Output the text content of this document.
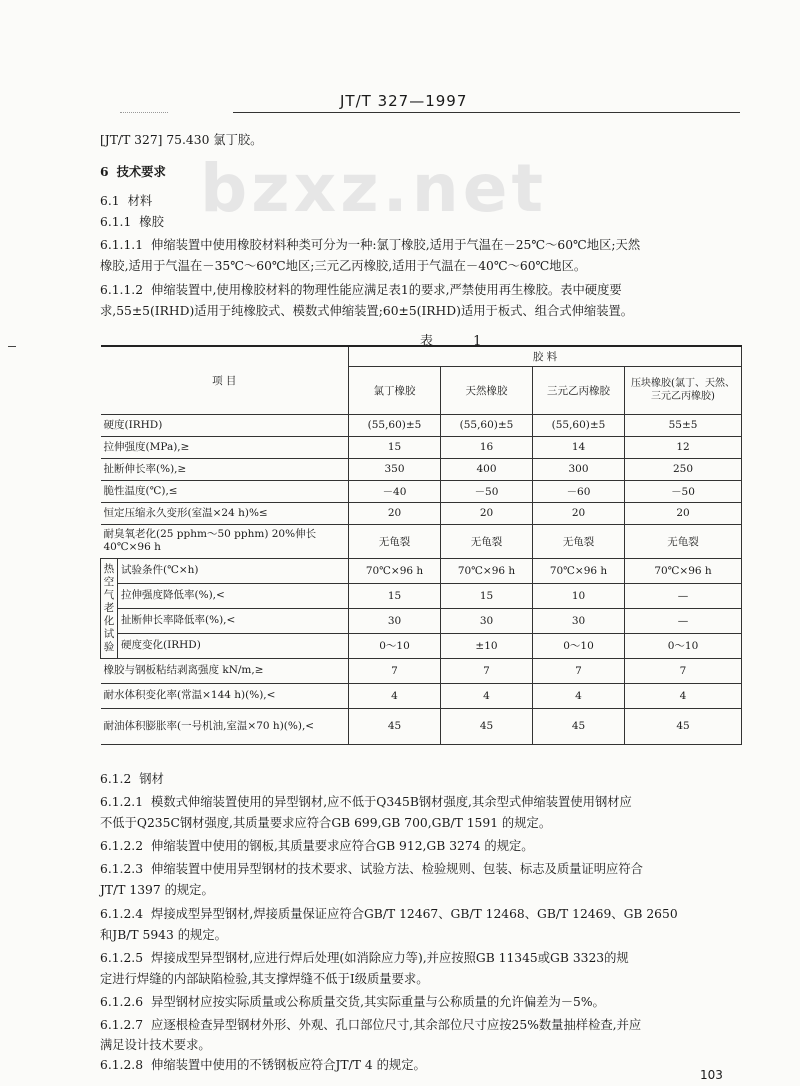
JT/T 327—1997
bzxz.net
[JT/T 327] 75.430 氯丁胶。
6 技术要求
6.1 材料
6.1.1 橡胶
6.1.1.1 伸缩装置中使用橡胶材料种类可分为一种:氯丁橡胶,适用于气温在－25℃～60℃地区;天然
橡胶,适用于气温在－35℃～60℃地区;三元乙丙橡胶,适用于气温在－40℃～60℃地区。
6.1.1.2 伸缩装置中,使用橡胶材料的物理性能应满足表1的要求,严禁使用再生橡胶。表中硬度要
求,55±5(IRHD)适用于纯橡胶式、模数式伸缩装置;60±5(IRHD)适用于板式、组合式伸缩装置。
表 1
项 目		胶 料			
		氯丁橡胶	天然橡胶	三元乙丙橡胶	压块橡胶(氯丁、天然、三元乙丙橡胶)
硬度(IRHD)		(55,60)±5	(55,60)±5	(55,60)±5	55±5
拉伸强度(MPa),≥		15	16	14	12
扯断伸长率(%),≥		350	400	300	250
脆性温度(℃),≤		－40	－50	－60	－50
恒定压缩永久变形(室温×24 h)%≤		20	20	20	20
耐臭氧老化(25 pphm～50 pphm) 20%伸长 40℃×96 h		无龟裂	无龟裂	无龟裂	无龟裂
热空气老化试验	试验条件(℃×h)	70℃×96 h	70℃×96 h	70℃×96 h	70℃×96 h
	拉伸强度降低率(%),<	15	15	10	—
	扯断伸长率降低率(%),<	30	30	30	—
	硬度变化(IRHD)	0～10	±10	0～10	0～10
橡胶与钢板粘结剥离强度 kN/m,≥		7	7	7	7
耐水体积变化率(常温×144 h)(%),<		4	4	4	4
耐油体积膨胀率(一号机油,室温×70 h)(%),<		45	45	45	45
6.1.2 钢材
6.1.2.1 模数式伸缩装置使用的异型钢材,应不低于Q345B钢材强度,其余型式伸缩装置使用钢材应
不低于Q235C钢材强度,其质量要求应符合GB 699,GB 700,GB/T 1591 的规定。
6.1.2.2 伸缩装置中使用的钢板,其质量要求应符合GB 912,GB 3274 的规定。
6.1.2.3 伸缩装置中使用异型钢材的技术要求、试验方法、检验规则、包装、标志及质量证明应符合
JT/T 1397 的规定。
6.1.2.4 焊接成型异型钢材,焊接质量保证应符合GB/T 12467、GB/T 12468、GB/T 12469、GB 2650
和JB/T 5943 的规定。
6.1.2.5 焊接成型异型钢材,应进行焊后处理(如消除应力等),并应按照GB 11345或GB 3323的规
定进行焊缝的内部缺陷检验,其支撑焊缝不低于Ⅰ级质量要求。
6.1.2.6 异型钢材应按实际质量或公称质量交货,其实际重量与公称质量的允许偏差为－5%。
6.1.2.7 应逐根检查异型钢材外形、外观、孔口部位尺寸,其余部位尺寸应按25%数量抽样检查,并应
满足设计技术要求。
6.1.2.8 伸缩装置中使用的不锈钢板应符合JT/T 4 的规定。
103
